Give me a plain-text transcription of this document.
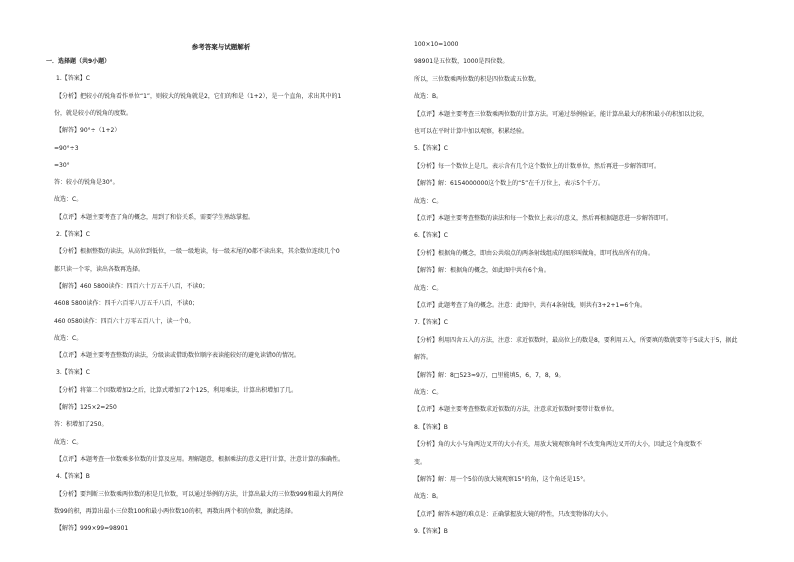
参考答案与试题解析
一．选择题（共9小题）
1.【答案】C
【分析】把较小的锐角看作单位“1”，则较大的锐角就是2，它们的和是（1+2），是一个直角，求出其中的1
份，就是较小的锐角的度数。
【解答】90°÷（1+2）
=90°÷3
=30°
答：较小的锐角是30°。
故选：C。
【点评】本题主要考查了角的概念，用到了和倍关系，需要学生熟练掌握。
2.【答案】C
【分析】根据整数的读法，从高位到低位，一级一级地读，每一级末尾的0都不读出来，其余数位连续几个0
都只读一个零，读出各数再选择。
【解答】460 5800读作：四百六十万五千八百，不读0；
4608 5800读作：四千六百零八万五千八百，不读0；
460 0580读作：四百六十万零五百八十，读一个0。
故选：C。
【点评】本题主要考查整数的读法，分级读或借助数位顺序表读能较好的避免读错0的情况。
3.【答案】C
【分析】将第二个因数增加2之后，比算式增加了2个125，利用乘法，计算出积增加了几。
【解答】125×2=250
答：积增加了250。
故选：C。
【点评】本题考查一位数乘多位数的计算及应用。理解题意，根据乘法的意义进行计算，注意计算的准确性。
4.【答案】B
【分析】要判断三位数乘两位数的积是几位数，可以通过举例的方法，计算出最大的三位数999和最大的两位
数99的积，再算出最小三位数100和最小两位数10的积，再数出两个积的位数，据此选择。
【解答】999×99=98901
100×10=1000
98901是五位数，1000是四位数。
所以，三位数乘两位数的积是四位数或五位数。
故选：B。
【点评】本题主要考查三位数乘两位数的计算方法。可通过举例验证，能计算出最大的积和最小的积加以比较，
也可以在平时计算中加以观察，积累经验。
5.【答案】C
【分析】每一个数位上是几，表示含有几个这个数位上的计数单位，然后再进一步解答即可。
【解答】解：6154000000这个数上的“5”在千万位上，表示5个千万。
故选：C。
【点评】本题主要考查整数的读法和每一个数位上表示的意义，然后再根据题意进一步解答即可。
6.【答案】C
【分析】根据角的概念，即由公共端点的两条射线组成的图形叫做角，即可找出所有的角。
【解答】解：根据角的概念，如此图中共有6个角。
故选：C。
【点评】此题考查了角的概念。注意：此图中，共有4条射线，则共有3+2+1=6个角。
7.【答案】C
【分析】利用四舍五入的方法，注意：求近似数时，最高位上的数是8，要利用五入，所要填的数就要等于5或大于5，据此
解答。
【解答】解：8□523≈9万，□里能填5，6，7，8，9。
故选：C。
【点评】本题主要考查整数求近似数的方法，注意求近似数时要带计数单位。
8.【答案】B
【分析】角的大小与角两边叉开的大小有关，用放大镜观察角时不改变角两边叉开的大小，因此这个角度数不
变。
【解答】解：用一个5倍的放大镜观察15°的角，这个角还是15°。
故选：B。
【点评】解答本题的难点是：正确掌握放大镜的特性，只改变物体的大小。
9.【答案】B
